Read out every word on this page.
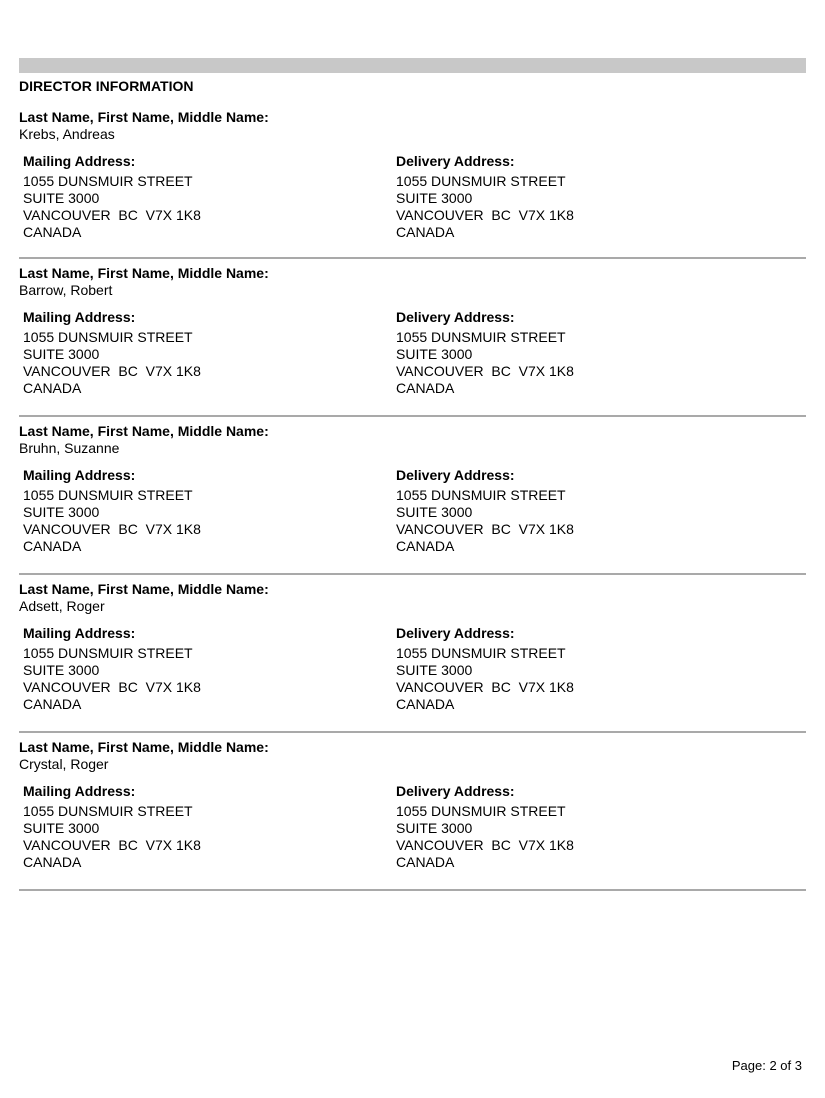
DIRECTOR INFORMATION
Last Name, First Name, Middle Name:
Krebs, Andreas
Mailing Address:
1055 DUNSMUIR STREET
SUITE 3000
VANCOUVER  BC  V7X 1K8
CANADA
Delivery Address:
1055 DUNSMUIR STREET
SUITE 3000
VANCOUVER  BC  V7X 1K8
CANADA
Last Name, First Name, Middle Name:
Barrow, Robert
Mailing Address:
1055 DUNSMUIR STREET
SUITE 3000
VANCOUVER  BC  V7X 1K8
CANADA
Delivery Address:
1055 DUNSMUIR STREET
SUITE 3000
VANCOUVER  BC  V7X 1K8
CANADA
Last Name, First Name, Middle Name:
Bruhn, Suzanne
Mailing Address:
1055 DUNSMUIR STREET
SUITE 3000
VANCOUVER  BC  V7X 1K8
CANADA
Delivery Address:
1055 DUNSMUIR STREET
SUITE 3000
VANCOUVER  BC  V7X 1K8
CANADA
Last Name, First Name, Middle Name:
Adsett, Roger
Mailing Address:
1055 DUNSMUIR STREET
SUITE 3000
VANCOUVER  BC  V7X 1K8
CANADA
Delivery Address:
1055 DUNSMUIR STREET
SUITE 3000
VANCOUVER  BC  V7X 1K8
CANADA
Last Name, First Name, Middle Name:
Crystal, Roger
Mailing Address:
1055 DUNSMUIR STREET
SUITE 3000
VANCOUVER  BC  V7X 1K8
CANADA
Delivery Address:
1055 DUNSMUIR STREET
SUITE 3000
VANCOUVER  BC  V7X 1K8
CANADA
Page: 2 of 3
